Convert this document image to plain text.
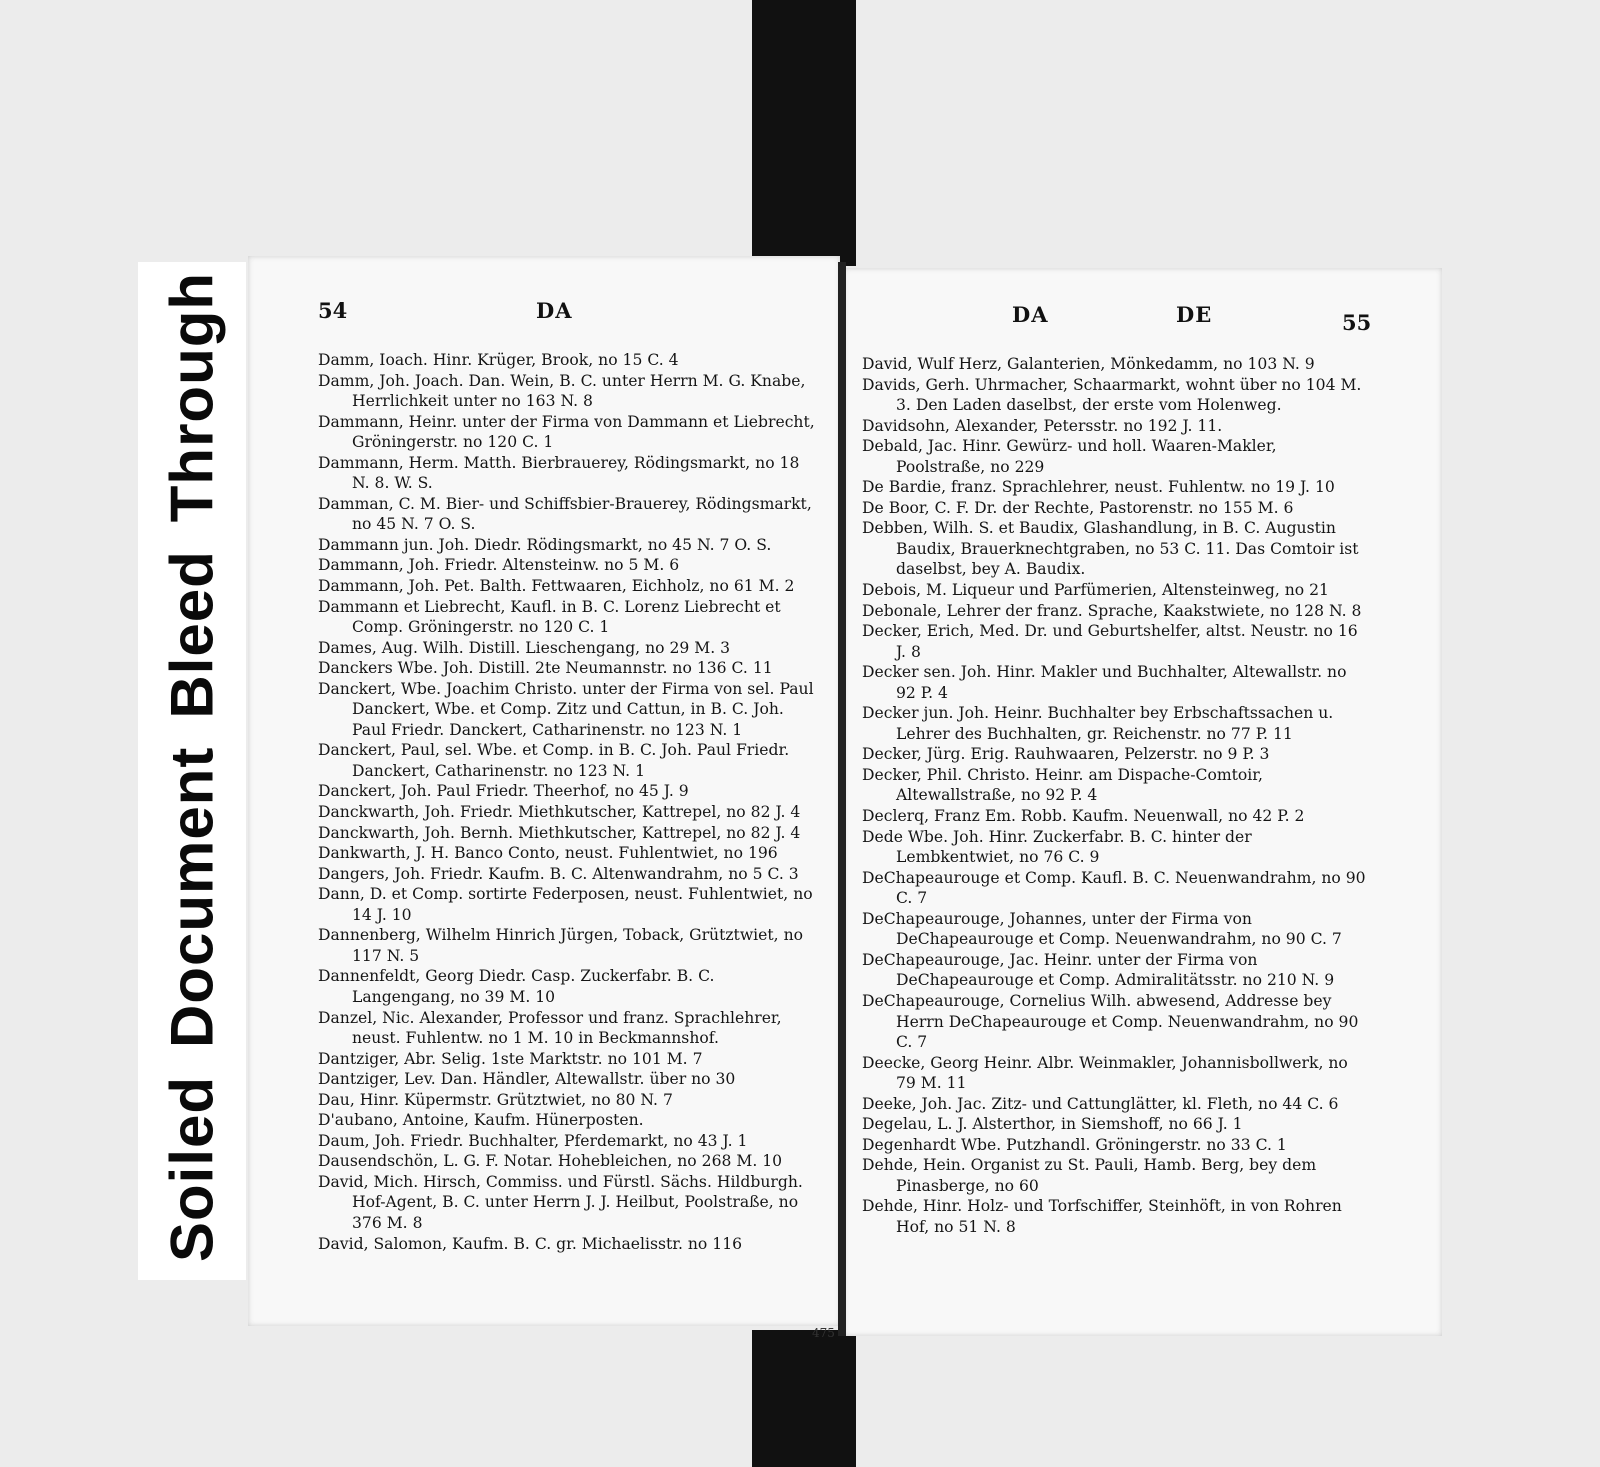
SoiledDocumentBleedThrough	54	DA	DA	DE	55
Damm, Ioach. Hinr. Krüger, Brook, no 15 C. 4
Damm, Joh. Joach. Dan. Wein, B. C. unter Herrn M. G. Knabe, Herrlichkeit unter no 163 N. 8
Dammann, Heinr. unter der Firma von Dammann et Liebrecht, Gröningerstr. no 120 C. 1
Dammann, Herm. Matth. Bierbrauerey, Rödingsmarkt, no 18 N. 8. W. S.
Damman, C. M. Bier- und Schiffsbier-Brauerey, Rödingsmarkt, no 45 N. 7 O. S.
Dammann jun. Joh. Diedr. Rödingsmarkt, no 45 N. 7 O. S.
Dammann, Joh. Friedr. Altensteinw. no 5 M. 6
Dammann, Joh. Pet. Balth. Fettwaaren, Eichholz, no 61 M. 2
Dammann et Liebrecht, Kaufl. in B. C. Lorenz Liebrecht et Comp. Gröningerstr. no 120 C. 1
Dames, Aug. Wilh. Distill. Lieschengang, no 29 M. 3
Danckers Wbe. Joh. Distill. 2te Neumannstr. no 136 C. 11
Danckert, Wbe. Joachim Christo. unter der Firma von sel. Paul Danckert, Wbe. et Comp. Zitz und Cattun, in B. C. Joh. Paul Friedr. Danckert, Catharinenstr. no 123 N. 1
Danckert, Paul, sel. Wbe. et Comp. in B. C. Joh. Paul Friedr. Danckert, Catharinenstr. no 123 N. 1
Danckert, Joh. Paul Friedr. Theerhof, no 45 J. 9
Danckwarth, Joh. Friedr. Miethkutscher, Kattrepel, no 82 J. 4
Danckwarth, Joh. Bernh. Miethkutscher, Kattrepel, no 82 J. 4
Dankwarth, J. H. Banco Conto, neust. Fuhlentwiet, no 196
Dangers, Joh. Friedr. Kaufm. B. C. Altenwandrahm, no 5 C. 3
Dann, D. et Comp. sortirte Federposen, neust. Fuhlentwiet, no 14 J. 10
Dannenberg, Wilhelm Hinrich Jürgen, Toback, Grütztwiet, no 117 N. 5
Dannenfeldt, Georg Diedr. Casp. Zuckerfabr. B. C. Langengang, no 39 M. 10
Danzel, Nic. Alexander, Professor und franz. Sprachlehrer, neust. Fuhlentw. no 1 M. 10 in Beckmannshof.
Dantziger, Abr. Selig. 1ste Marktstr. no 101 M. 7
Dantziger, Lev. Dan. Händler, Altewallstr. über no 30
Dau, Hinr. Küpermstr. Grütztwiet, no 80 N. 7
D'aubano, Antoine, Kaufm. Hünerposten.
Daum, Joh. Friedr. Buchhalter, Pferdemarkt, no 43 J. 1
Dausendschön, L. G. F. Notar. Hohebleichen, no 268 M. 10
David, Mich. Hirsch, Commiss. und Fürstl. Sächs. Hildburgh. Hof-Agent, B. C. unter Herrn J. J. Heilbut, Poolstraße, no 376 M. 8
David, Salomon, Kaufm. B. C. gr. Michaelisstr. no 116
David, Wulf Herz, Galanterien, Mönkedamm, no 103 N. 9
Davids, Gerh. Uhrmacher, Schaarmarkt, wohnt über no 104 M. 3. Den Laden daselbst, der erste vom Holenweg.
Davidsohn, Alexander, Petersstr. no 192 J. 11.
Debald, Jac. Hinr. Gewürz- und holl. Waaren-Makler, Poolstraße, no 229
De Bardie, franz. Sprachlehrer, neust. Fuhlentw. no 19 J. 10
De Boor, C. F. Dr. der Rechte, Pastorenstr. no 155 M. 6
Debben, Wilh. S. et Baudix, Glashandlung, in B. C. Augustin Baudix, Brauerknechtgraben, no 53 C. 11. Das Comtoir ist daselbst, bey A. Baudix.
Debois, M. Liqueur und Parfümerien, Altensteinweg, no 21
Debonale, Lehrer der franz. Sprache, Kaakstwiete, no 128 N. 8
Decker, Erich, Med. Dr. und Geburtshelfer, altst. Neustr. no 16 J. 8
Decker sen. Joh. Hinr. Makler und Buchhalter, Altewallstr. no 92 P. 4
Decker jun. Joh. Heinr. Buchhalter bey Erbschaftssachen u. Lehrer des Buchhalten, gr. Reichenstr. no 77 P. 11
Decker, Jürg. Erig. Rauhwaaren, Pelzerstr. no 9 P. 3
Decker, Phil. Christo. Heinr. am Dispache-Comtoir, Altewallstraße, no 92 P. 4
Declerq, Franz Em. Robb. Kaufm. Neuenwall, no 42 P. 2
Dede Wbe. Joh. Hinr. Zuckerfabr. B. C. hinter der Lembkentwiet, no 76 C. 9
DeChapeaurouge et Comp. Kaufl. B. C. Neuenwandrahm, no 90 C. 7
DeChapeaurouge, Johannes, unter der Firma von DeChapeaurouge et Comp. Neuenwandrahm, no 90 C. 7
DeChapeaurouge, Jac. Heinr. unter der Firma von DeChapeaurouge et Comp. Admiralitätsstr. no 210 N. 9
DeChapeaurouge, Cornelius Wilh. abwesend, Addresse bey Herrn DeChapeaurouge et Comp. Neuenwandrahm, no 90 C. 7
Deecke, Georg Heinr. Albr. Weinmakler, Johannisbollwerk, no 79 M. 11
Deeke, Joh. Jac. Zitz- und Cattunglätter, kl. Fleth, no 44 C. 6
Degelau, L. J. Alsterthor, in Siemshoff, no 66 J. 1
Degenhardt Wbe. Putzhandl. Gröningerstr. no 33 C. 1
Dehde, Hein. Organist zu St. Pauli, Hamb. Berg, bey dem Pinasberge, no 60
Dehde, Hinr. Holz- und Torfschiffer, Steinhöft, in von Rohren Hof, no 51 N. 8
475
